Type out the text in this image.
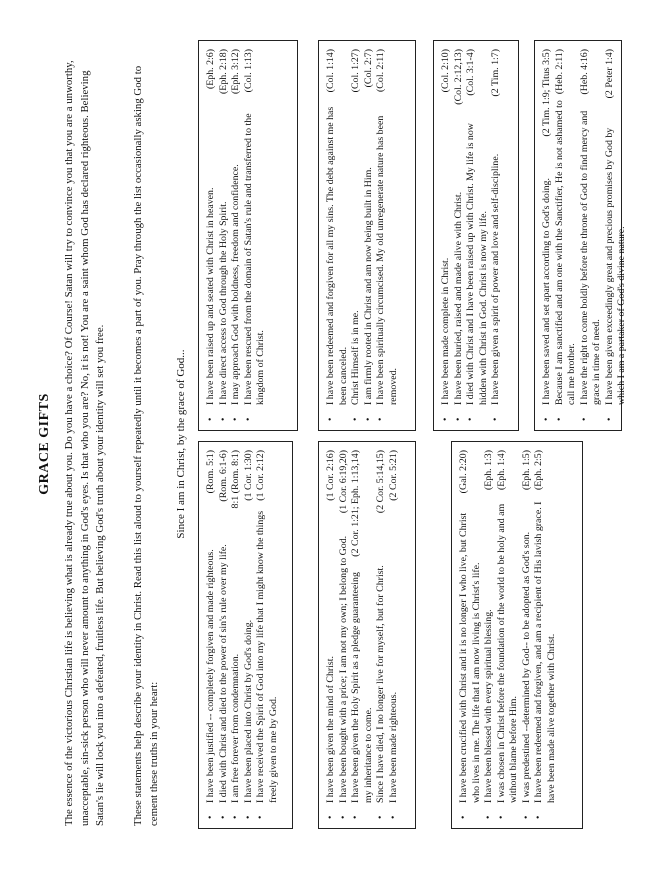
GRACE GIFTS The essence of the victorious Christian life is believing what is already true about you. Do you have a choice? Of Course! Satan will try to convince you that you are a unworthy, unacceptable, sin-sick person who will never amount to anything in God's eyes. Is that who you are? No, it is not! You are a saint whom God has declared righteous. Believing Satan's lie will lock you into a defeated, fruitless life. But believing God's truth about your identity will set you free. These statements help describe your identity in Christ. Read this list aloud to yourself repeatedly until it becomes a part of you. Pray through the list occasionally asking God to cement these truths in your heart:
Since I am in Christ, by the grace of God...
•
(Rom. 5:1)
I have been justified -- completely forgiven and made righteous.
•
(Rom. 6:1-6)
I died with Christ and died to the power of sin's rule over my life.
•
8:1 (Rom. 8:1)
I am free forever from condemnation.
•
(1 Cor. 1:30)
I have been placed into Christ by God's doing.
•
(1 Cor. 2:12)
I have received the Spirit of God into my life that I might know the things freely given to me by God.
•
(1 Cor. 2:16)
I have been given the mind of Christ.
•
(1 Cor. 6:19,20)
I have been bought with a price; I am not my own; I belong to God.
•
(2 Cor. 1:21; Eph. 1:13,14)
I have been given the Holy Spirit as a pledge guaranteeing my inheritance to come.
•
(2 Cor. 5:14,15)
Since I have died, I no longer live for myself, but for Christ.
•
(2 Cor. 5:21)
I have been made righteous.
•
(Gal. 2:20)
I have been crucified with Christ and it is no longer I who live, but Christ who lives in me. The life that I am now living is Christ's life.
•
(Eph. 1:3)
I have been blessed with every spiritual blessing.
•
(Eph. 1:4)
I was chosen in Christ before the foundation of the world to be holy and am without blame before Him.
•
(Eph. 1:5)
I was predestined --determined by God-- to be adopted as God's son.
•
(Eph. 2:5)
I have been redeemed and forgiven, and am a recipient of His lavish grace. I have been made alive together with Christ.
•
(Eph. 2:6)
I have been raised up and seated with Christ in heaven.
•
(Eph. 2:18)
I have direct access to God through the Holy Spirit.
•
(Eph. 3:12)
I may approach God with boldness, freedom and confidence.
•
(Col. 1:13)
I have been rescued from the domain of Satan's rule and transferred to the kingdom of Christ.
•
(Col. 1:14)
I have been redeemed and forgiven for all my sins. The debt against me has been canceled.
•
(Col. 1:27)
Christ Himself is in me.
•
(Col. 2:7)
I am firmly rooted in Christ and am now being built in Him.
•
(Col. 2:11)
I have been spiritually circumcised. My old unregenerate nature has been removed.
•
(Col. 2:10)
I have been made complete in Christ.
•
(Col. 2:12,13)
I have been buried, raised and made alive with Christ.
•
(Col. 3:1-4)
I died with Christ and I have been raised up with Christ. My life is now hidden with Christ in God. Christ is now my life.
•
(2 Tim. 1:7)
I have been given a spirit of power and love and self-discipline.
•
(2 Tim. 1:9; Titus 3:5)
I have been saved and set apart according to God's doing.
•
(Heb. 2:11)
Because I am sanctified and am one with the Sanctifier, He is not ashamed to call me brother.
•
(Heb. 4:16)
I have the right to come boldly before the throne of God to find mercy and grace in time of need.
•
(2 Peter 1:4)
I have been given exceedingly great and precious promises by God by which I am a partaker of God's divine nature.
